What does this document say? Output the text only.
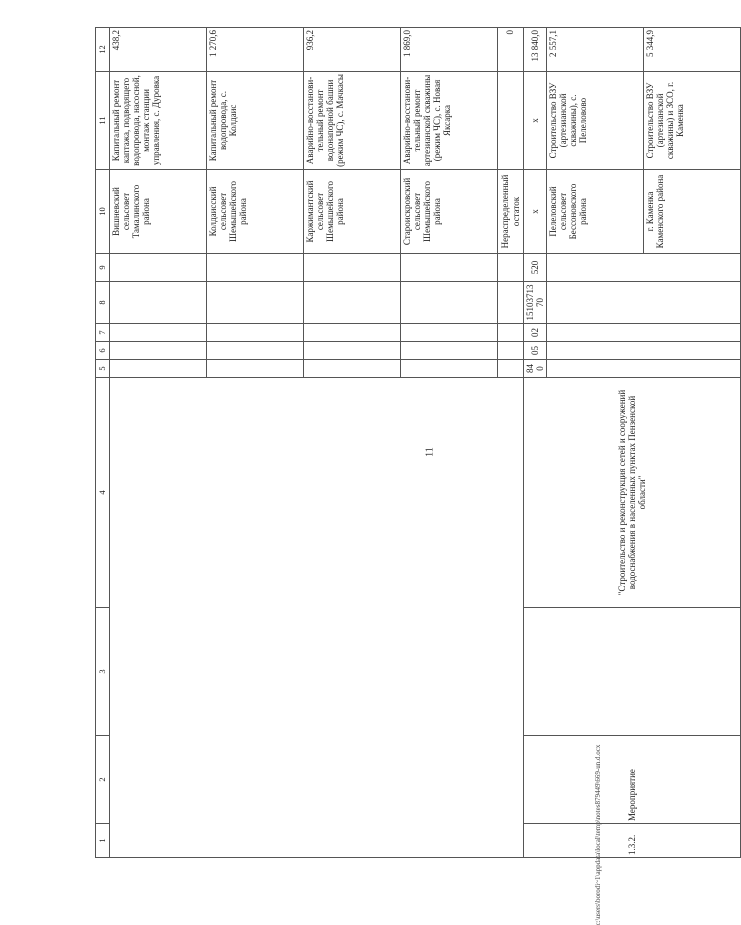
11
c:\users\borodi~1\appdata\local\temp\notes879449\669-un.d.ocx
1	2	3	4	5	6	7	8	9	10	11	12
									Вишневский сельсовет Тамалинского района	Капитальный ремонт каптажа, подводящего водопровода, насосной, монтаж станции управления, с. Дуровка	438,2
									Колдаисский сельсовет Шемышейского района	Капитальный ремонт водопровода, с. Колдаис	1 270,6
									Каржимантский сельсовет Шемышейского района	Аварийно-восстанови-тельный ремонт водонапорной башни (режим ЧС), с. Мачкасы	936,2
									Староискровский сельсовет Шемышейского района	Аварийно-восстанови-тельный ремонт артезианской скважины (режим ЧС), с. Новая Яксарка	1 869,0
									Нераспределенный остаток		0
1.3.2.	Мероприятие		"Строительство и реконструкция сетей и сооружений водоснабжения в населенных пунктах Пензенской области"	840	05	02	1510371370	520	х	х	13 840,0
									Пелеловский сельсовет Бессоновского района	Строительство ВЗУ (артезианской скважины), с. Пелеловово	2 557,1
									г. Каменка Каменского района	Строительство ВЗУ (артезианской скважины) и ЗСО, г. Каменка	5 344,9
